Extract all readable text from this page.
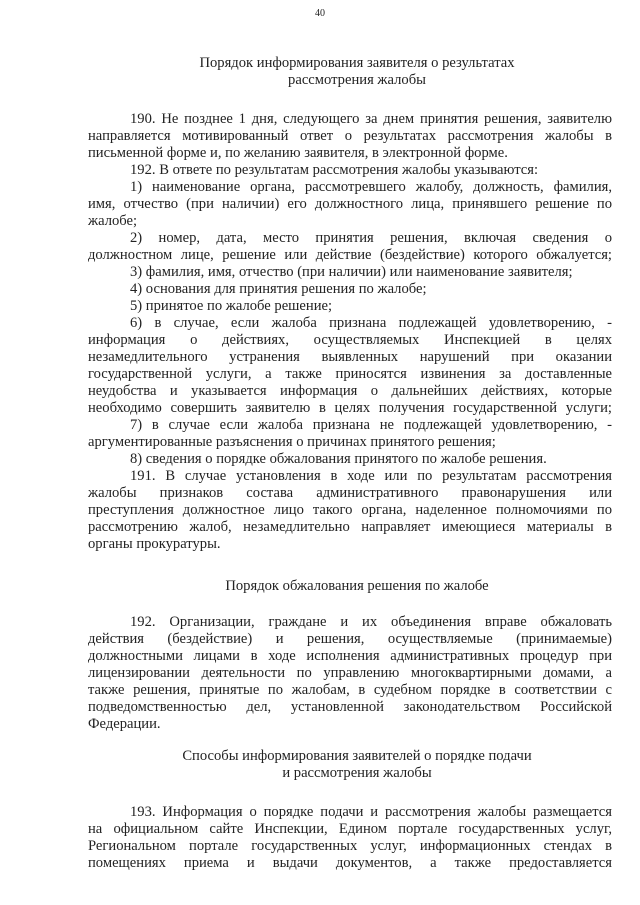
40
Порядок информирования заявителя о результатах
рассмотрения жалобы
190. Не позднее 1 дня, следующего за днем принятия решения, заявителю
направляется мотивированный ответ о результатах рассмотрения жалобы в
письменной форме и, по желанию заявителя, в электронной форме.
192. В ответе по результатам рассмотрения жалобы указываются:
1) наименование органа, рассмотревшего жалобу, должность, фамилия,
имя, отчество (при наличии) его должностного лица, принявшего решение по
жалобе;
2) номер, дата, место принятия решения, включая сведения о
должностном лице, решение или действие (бездействие) которого обжалуется;
3) фамилия, имя, отчество (при наличии) или наименование заявителя;
4) основания для принятия решения по жалобе;
5) принятое по жалобе решение;
6) в случае, если жалоба признана подлежащей удовлетворению, -
информация о действиях, осуществляемых Инспекцией в целях
незамедлительного устранения выявленных нарушений при оказании
государственной услуги, а также приносятся извинения за доставленные
неудобства и указывается информация о дальнейших действиях, которые
необходимо совершить заявителю в целях получения государственной услуги;
7) в случае если жалоба признана не подлежащей удовлетворению, -
аргументированные разъяснения о причинах принятого решения;
8) сведения о порядке обжалования принятого по жалобе решения.
191. В случае установления в ходе или по результатам рассмотрения
жалобы признаков состава административного правонарушения или
преступления должностное лицо такого органа, наделенное полномочиями по
рассмотрению жалоб, незамедлительно направляет имеющиеся материалы в
органы прокуратуры.
Порядок обжалования решения по жалобе
192. Организации, граждане и их объединения вправе обжаловать
действия (бездействие) и решения, осуществляемые (принимаемые)
должностными лицами в ходе исполнения административных процедур при
лицензировании деятельности по управлению многоквартирными домами, а
также решения, принятые по жалобам, в судебном порядке в соответствии с
подведомственностью дел, установленной законодательством Российской
Федерации.
Способы информирования заявителей о порядке подачи
и рассмотрения жалобы
193. Информация о порядке подачи и рассмотрения жалобы размещается
на официальном сайте Инспекции, Едином портале государственных услуг,
Региональном портале государственных услуг, информационных стендах в
помещениях приема и выдачи документов, а также предоставляется
